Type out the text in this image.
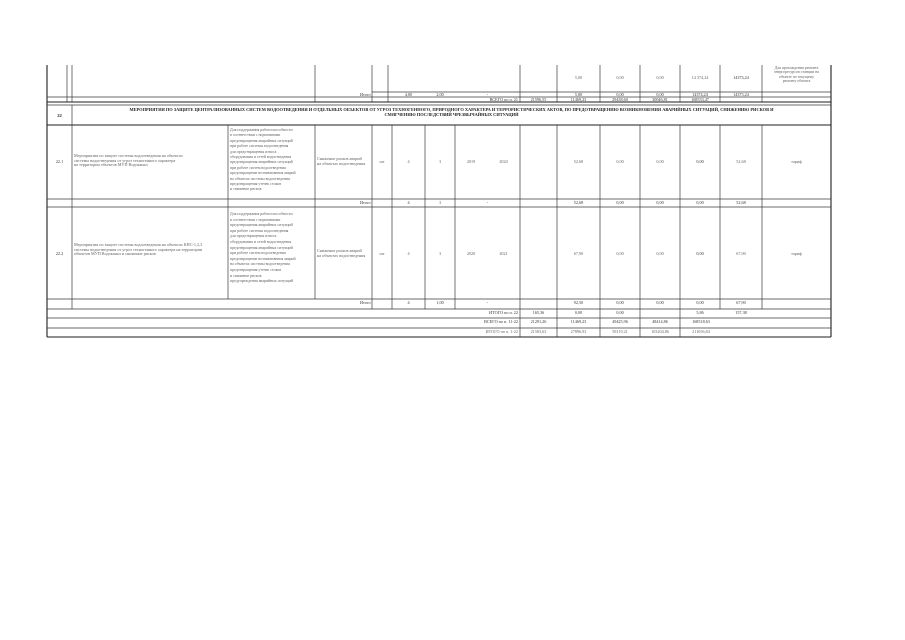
5,00	0,00	0,00	14 374,24	14373,24
Для прохождения ремонта
энергоресурсов станции на
объекте по текущему
ремонту объекта
Итого	4,00	2,00	-	5,00	0,00	0,00	14374,24	14373,24
ВСЕГО по п. 21	21596,55	11469,23	29438,60	30046,81	168533,47
22
МЕРОПРИЯТИЯ ПО ЗАЩИТЕ ЦЕНТРАЛИЗОВАННЫХ СИСТЕМ ВОДООТВЕДЕНИЯ И ОТДЕЛЬНЫХ ОБЪЕКТОВ ОТ УГРОЗ ТЕХНОГЕННОГО, ПРИРОДНОГО ХАРАКТЕРА И ТЕРРОРИСТИЧЕСКИХ АКТОВ, ПО ПРЕДОТВРАЩЕНИЮ ВОЗНИКНОВЕНИЯ АВАРИЙНЫХ СИТУАЦИЙ, СНИЖЕНИЮ РИСКОВ И
СМЯГЧЕНИЮ ПОСЛЕДСТВИЙ ЧРЕЗВЫЧАЙНЫХ СИТУАЦИЙ
22.1
Мероприятия по защите системы водоотведения на объектах
системы водоотведения от угроз техногенного характера
на территории объектов МУП Водоканал
Для поддержания работоспособности
в соответствии с нормативами
предотвращения аварийных ситуаций
при работе системы водоотведения
для предотвращения износа
оборудования и сетей водоотведения
предотвращения аварийных ситуаций
при работе систем водоотведения
предотвращение возникновения аварий
на объектах системы водоотведения
предотвращения утечек стоков
и снижение рисков
Снижение рисков аварий
на объектах водоотведения	шт	4	1	2019	2020	52,68	0,00	0,00	0,00	52,68	тариф
Итого	4	1	-	52,68	0,00	0,00	0,00	52,68
22.2
Мероприятия по защите системы водоотведения на объектах КНС-1,2,3
системы водоотведения от угроз техногенного характера на территории
объектов МУП Водоканал и снижение рисков
Для поддержания работоспособности
в соответствии с нормативами
предотвращения аварийных ситуаций
при работе системы водоотведения
для предотвращения износа
оборудования и сетей водоотведения
предотвращения аварийных ситуаций
при работе систем водоотведения
предотвращение возникновения аварий
на объектах системы водоотведения
предотвращения утечек стоков
и снижение рисков
предупреждения аварийных ситуаций
Снижение рисков аварий
на объектах водоотведения	шт	4	1	2020	2021	67,90	0,00	0,00	0,00	67,90	тариф
Итого	4	1,00	-	92,50	0,00	0,00	0,00	67,90
ИТОГО по п. 22	165,36	0,00	0,00	5,86	157,38
ВСЕГО по п. 11-22	21291,26	11469,23	49425,96	48414,86	168518,63
ИТОГО по п. 1-22	21583,63	27896,93	58119,21	103204,86	211056,84
